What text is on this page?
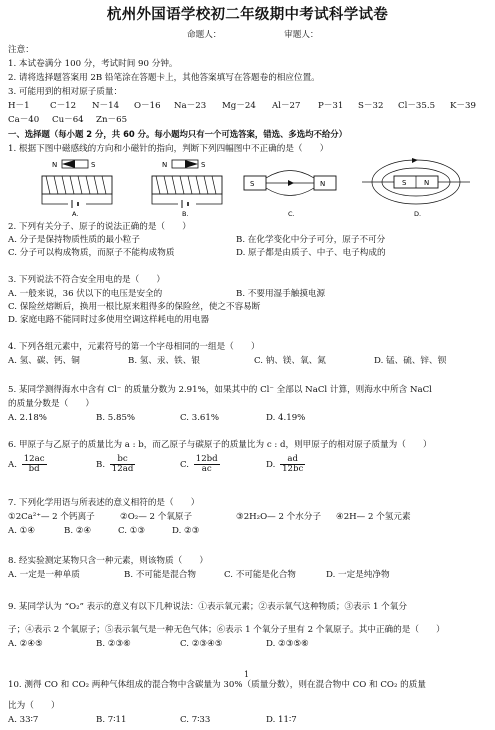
杭州外国语学校初二年级期中考试科学试卷
命题人：	审题人：
注意：
1. 本试卷满分 100 分，考试时间 90 分钟。
2. 请将选择题答案用 2B 铅笔涂在答题卡上，其他答案填写在答题卷的相应位置。
3. 可能用到的相对原子质量：
H－1 C－12 N－14 O－16 Na－23 Mg－24 Al－27 P－31 S－32 Cl－35.5 K－39
Ca－40 Cu－64 Zn－65
一、选择题（每小题 2 分，共 60 分。每小题均只有一个可选答案，错选、多选均不给分）
1. 根据下图中磁感线的方向和小磁针的指向，判断下列四幅图中不正确的是（　　）
N	S
A.
N	S
B.
S	N
C.
S	N
D.
2. 下列有关分子、原子的说法正确的是（　　）
A. 分子是保持物质性质的最小粒子	B. 在化学变化中分子可分，原子不可分
C. 分子可以构成物质，而原子不能构成物质	D. 原子都是由质子、中子、电子构成的
3. 下列说法不符合安全用电的是（　　）
A. 一般来说，36 伏以下的电压是安全的	B. 不要用湿手触摸电源
C. 保险丝熔断后，换用一根比原来粗得多的保险丝，使之不容易断
D. 家庭电路不能同时过多使用空调这样耗电的用电器
4. 下列各组元素中，元素符号的第一个字母相同的一组是（　　）
A. 氢、碳、钙、铜	B. 氢、汞、铁、银	C. 钠、镁、氧、氮	D. 锰、硫、锌、钡
5. 某同学测得海水中含有 Cl⁻ 的质量分数为 2.91%，如果其中的 Cl⁻ 全部以 NaCl 计算，则海水中所含 NaCl
的质量分数是（　　）
A. 2.18%	B. 5.85%	C. 3.61%	D. 4.19%
6. 甲原子与乙原子的质量比为 a : b，而乙原子与碳原子的质量比为 c : d，则甲原子的相对原子质量为（　　）
A. $\frac{12ac}{bd}$	B. $\frac{bc}{12ad}$	C. $\frac{12bd}{ac}$	D. $\frac{ad}{12bc}$
7. 下列化学用语与所表述的意义相符的是（　　）
①2Ca²⁺— 2 个钙离子	②O₂— 2 个氧原子	③2H₂O— 2 个水分子 ④2H— 2 个氢元素
A. ①④	B. ②④	C. ①③	D. ②③
8. 经实验测定某物只含一种元素，则该物质（　　）
A. 一定是一种单质	B. 不可能是混合物	C. 不可能是化合物	D. 一定是纯净物
9. 某同学认为 “O₂” 表示的意义有以下几种说法：①表示氧元素；②表示氧气这种物质；③表示 1 个氧分
子；④表示 2 个氧原子；⑤表示氧气是一种无色气体；⑥表示 1 个氧分子里有 2 个氧原子。其中正确的是（　　）
A. ②④⑤	B. ②③⑥	C. ②③④⑤	D. ②③⑤⑥
1
10. 测得 CO 和 CO₂ 两种气体组成的混合物中含碳量为 30%（质量分数），则在混合物中 CO 和 CO₂ 的质量
比为（　　）
A. 33∶7	B. 7∶11	C. 7∶33	D. 11∶7
